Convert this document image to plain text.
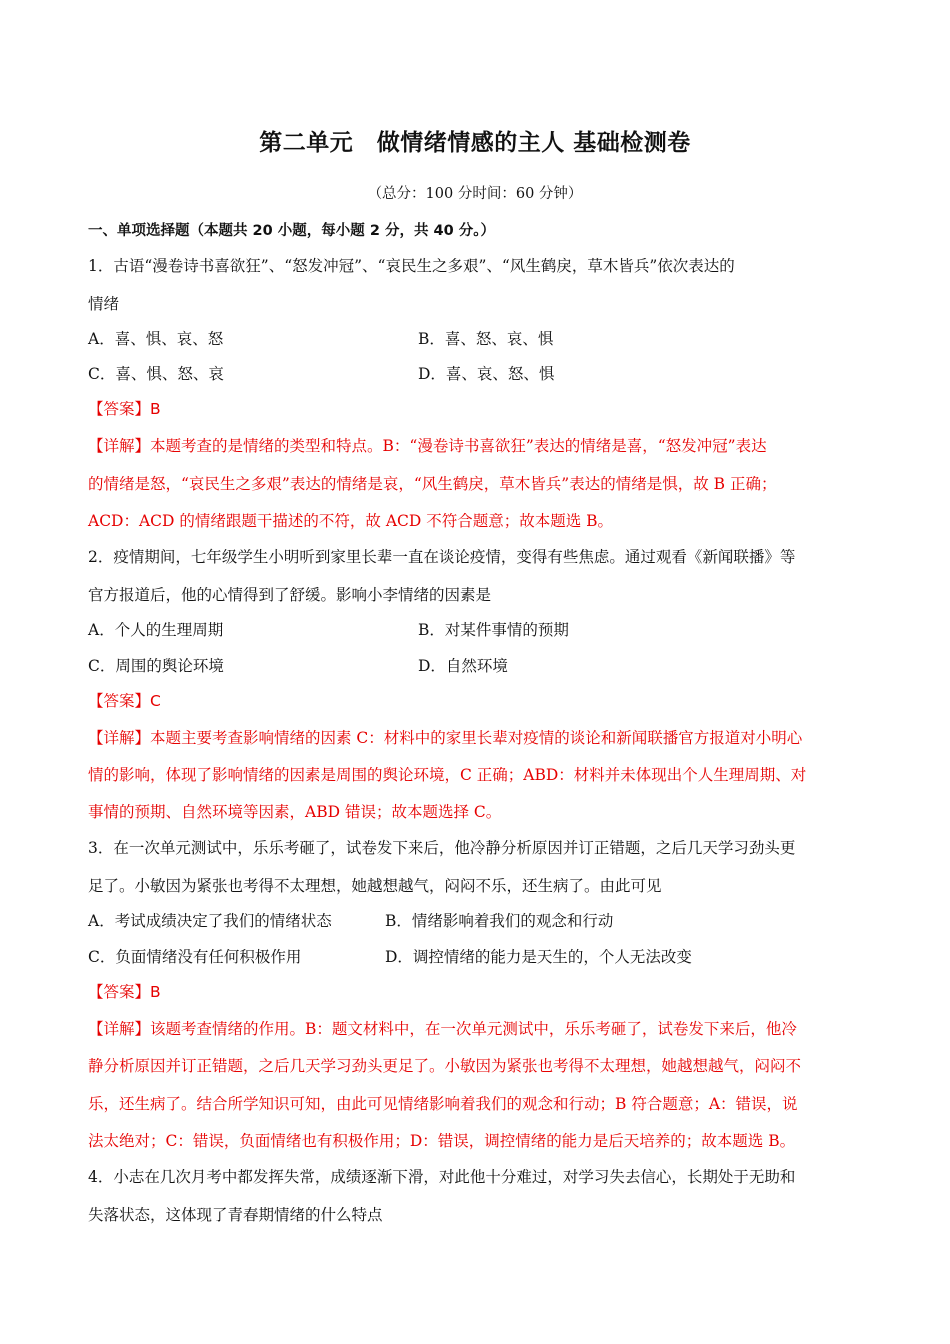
第二单元　做情绪情感的主人 基础检测卷
（总分：100 分时间：60 分钟）
一、单项选择题（本题共 20 小题，每小题 2 分，共 40 分。）
1．古语“漫卷诗书喜欲狂”、“怒发冲冠”、“哀民生之多艰”、“风生鹤戾，草木皆兵”依次表达的
情绪
A．喜、惧、哀、怒	B．喜、怒、哀、惧
C．喜、惧、怒、哀	D．喜、哀、怒、惧
【答案】B
【详解】本题考查的是情绪的类型和特点。B：“漫卷诗书喜欲狂”表达的情绪是喜，“怒发冲冠”表达
的情绪是怒，“哀民生之多艰”表达的情绪是哀，“风生鹤戾，草木皆兵”表达的情绪是惧，故 B 正确；
ACD：ACD 的情绪跟题干描述的不符，故 ACD 不符合题意；故本题选 B。
2．疫情期间，七年级学生小明听到家里长辈一直在谈论疫情，变得有些焦虑。通过观看《新闻联播》等
官方报道后，他的心情得到了舒缓。影响小李情绪的因素是
A．个人的生理周期	B．对某件事情的预期
C．周围的舆论环境	D．自然环境
【答案】C
【详解】本题主要考查影响情绪的因素 C：材料中的家里长辈对疫情的谈论和新闻联播官方报道对小明心
情的影响，体现了影响情绪的因素是周围的舆论环境，C 正确；ABD：材料并未体现出个人生理周期、对
事情的预期、自然环境等因素，ABD 错误；故本题选择 C。
3．在一次单元测试中，乐乐考砸了，试卷发下来后，他冷静分析原因并订正错题，之后几天学习劲头更
足了。小敏因为紧张也考得不太理想，她越想越气，闷闷不乐，还生病了。由此可见
A．考试成绩决定了我们的情绪状态	B．情绪影响着我们的观念和行动
C．负面情绪没有任何积极作用	D．调控情绪的能力是天生的，个人无法改变
【答案】B
【详解】该题考查情绪的作用。B：题文材料中，在一次单元测试中，乐乐考砸了，试卷发下来后，他冷
静分析原因并订正错题，之后几天学习劲头更足了。小敏因为紧张也考得不太理想，她越想越气，闷闷不
乐，还生病了。结合所学知识可知，由此可见情绪影响着我们的观念和行动；B 符合题意；A：错误，说
法太绝对；C：错误，负面情绪也有积极作用；D：错误，调控情绪的能力是后天培养的；故本题选 B。
4．小志在几次月考中都发挥失常，成绩逐渐下滑，对此他十分难过，对学习失去信心，长期处于无助和
失落状态，这体现了青春期情绪的什么特点
